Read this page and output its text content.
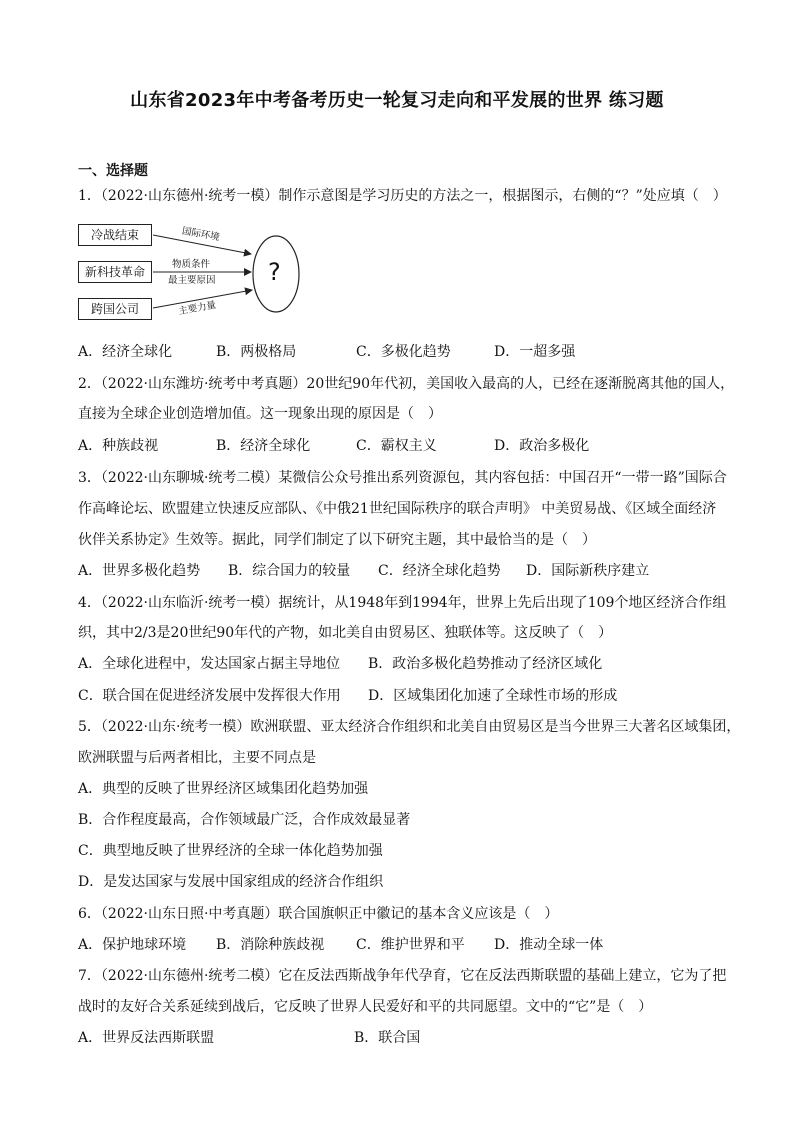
山东省2023年中考备考历史一轮复习走向和平发展的世界 练习题
一、选择题
1．（2022·山东德州·统考一模）制作示意图是学习历史的方法之一，根据图示，右侧的“？”处应填（　）
冷战结束
新科技革命
跨国公司
国际环境
物质条件
最主要原因
主要力量
?
A．经济全球化	B．两极格局	C．多极化趋势	D．一超多强
2．（2022·山东潍坊·统考中考真题）20世纪90年代初，美国收入最高的人，已经在逐渐脱离其他的国人，
直接为全球企业创造增加值。这一现象出现的原因是（　）
A．种族歧视	B．经济全球化	C．霸权主义	D．政治多极化
3．（2022·山东聊城·统考二模）某微信公众号推出系列资源包，其内容包括：中国召开“一带一路”国际合
作高峰论坛、欧盟建立快速反应部队、《中俄21世纪国际秩序的联合声明》 中美贸易战、《区域全面经济
伙伴关系协定》生效等。据此，同学们制定了以下研究主题，其中最恰当的是（　）
A．世界多极化趋势 B．综合国力的较量 C．经济全球化趋势 D．国际新秩序建立
4．（2022·山东临沂·统考一模）据统计，从1948年到1994年，世界上先后出现了109个地区经济合作组
织，其中2/3是20世纪90年代的产物，如北美自由贸易区、独联体等。这反映了（　）
A．全球化进程中，发达国家占据主导地位 B．政治多极化趋势推动了经济区域化
C．联合国在促进经济发展中发挥很大作用 D．区域集团化加速了全球性市场的形成
5．（2022·山东·统考一模）欧洲联盟、亚太经济合作组织和北美自由贸易区是当今世界三大著名区域集团，
欧洲联盟与后两者相比，主要不同点是
A．典型的反映了世界经济区域集团化趋势加强
B．合作程度最高，合作领域最广泛，合作成效最显著
C．典型地反映了世界经济的全球一体化趋势加强
D．是发达国家与发展中国家组成的经济合作组织
6．（2022·山东日照·中考真题）联合国旗帜正中徽记的基本含义应该是（　）
A．保护地球环境 B．消除种族歧视 C．维护世界和平 D．推动全球一体
7．（2022·山东德州·统考二模）它在反法西斯战争年代孕育，它在反法西斯联盟的基础上建立，它为了把
战时的友好合关系延续到战后，它反映了世界人民爱好和平的共同愿望。文中的“它”是（　）
A．世界反法西斯联盟	B．联合国
